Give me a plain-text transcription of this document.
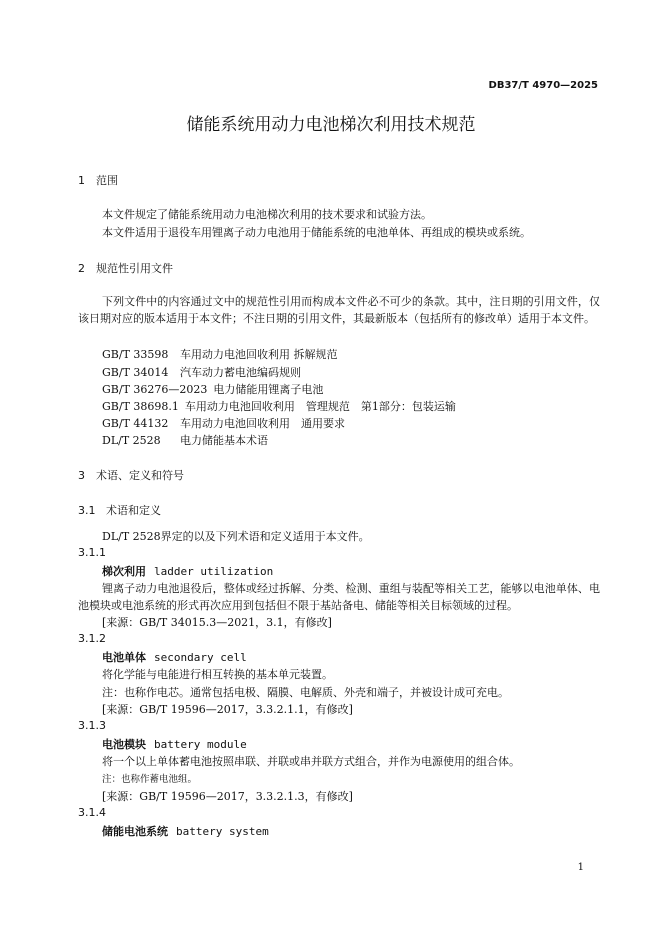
DB37/T 4970—2025
储能系统用动力电池梯次利用技术规范
1 范围
本文件规定了储能系统用动力电池梯次利用的技术要求和试验方法。
本文件适用于退役车用锂离子动力电池用于储能系统的电池单体、再组成的模块或系统。
2 规范性引用文件
下列文件中的内容通过文中的规范性引用而构成本文件必不可少的条款。其中，注日期的引用文件，仅该日期对应的版本适用于本文件；不注日期的引用文件，其最新版本（包括所有的修改单）适用于本文件。
GB/T 33598 车用动力电池回收利用 拆解规范
GB/T 34014 汽车动力蓄电池编码规则
GB/T 36276—2023 电力储能用锂离子电池
GB/T 38698.1 车用动力电池回收利用　管理规范　第1部分：包装运输
GB/T 44132 车用动力电池回收利用　通用要求
DL/T 2528 电力储能基本术语
3 术语、定义和符号
3.1 术语和定义
DL/T 2528界定的以及下列术语和定义适用于本文件。
3.1.1
梯次利用 ladder utilization
锂离子动力电池退役后，整体或经过拆解、分类、检测、重组与装配等相关工艺，能够以电池单体、电池模块或电池系统的形式再次应用到包括但不限于基站备电、储能等相关目标领域的过程。
[来源：GB/T 34015.3—2021，3.1，有修改]
3.1.2
电池单体 secondary cell
将化学能与电能进行相互转换的基本单元装置。
注：也称作电芯。通常包括电极、隔膜、电解质、外壳和端子，并被设计成可充电。
[来源：GB/T 19596—2017，3.3.2.1.1，有修改]
3.1.3
电池模块 battery module
将一个以上单体蓄电池按照串联、并联或串并联方式组合，并作为电源使用的组合体。
注：也称作蓄电池组。
[来源：GB/T 19596—2017，3.3.2.1.3，有修改]
3.1.4
储能电池系统 battery system
1
